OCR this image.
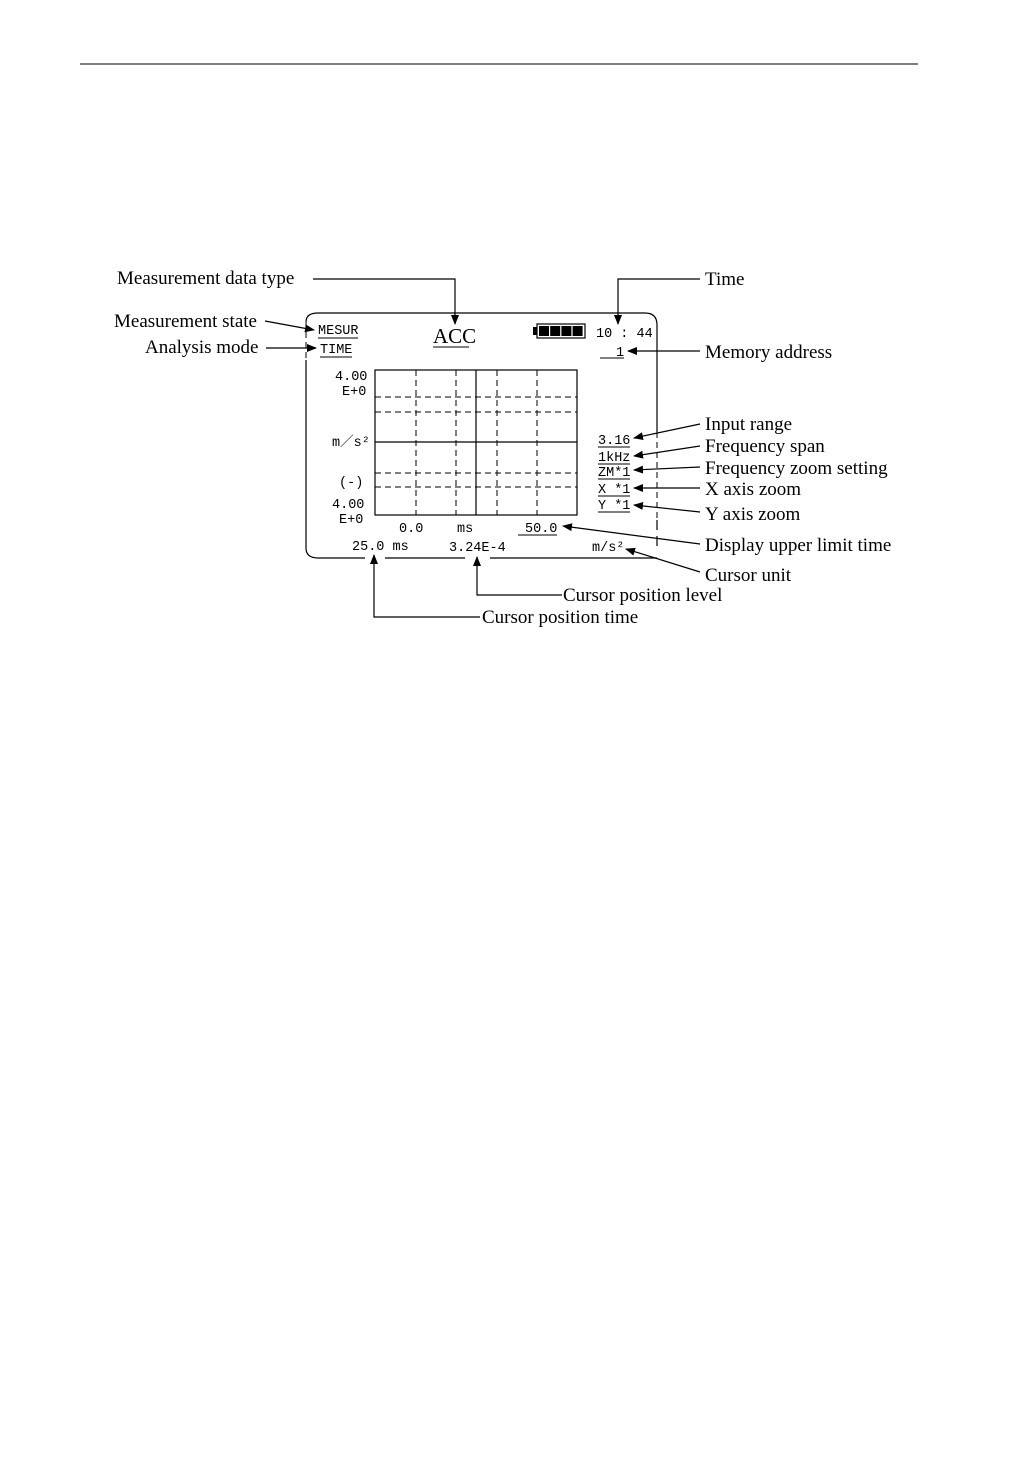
MESUR
TIME
ACC	10 : 44
1
4.00
E+0
m／s²
(-)
4.00
E+0
0.0 ms	50.0
3.16
1kHz
ZM*1
X *1
Y *1
25.0 ms	3.24E-4	m/s²
Measurement data type	Time
Measurement state
Analysis mode	Memory address
Input range
Frequency span
Frequency zoom setting
X axis zoom
Y axis zoom
Display upper limit time
Cursor unit
Cursor position level
Cursor position time
